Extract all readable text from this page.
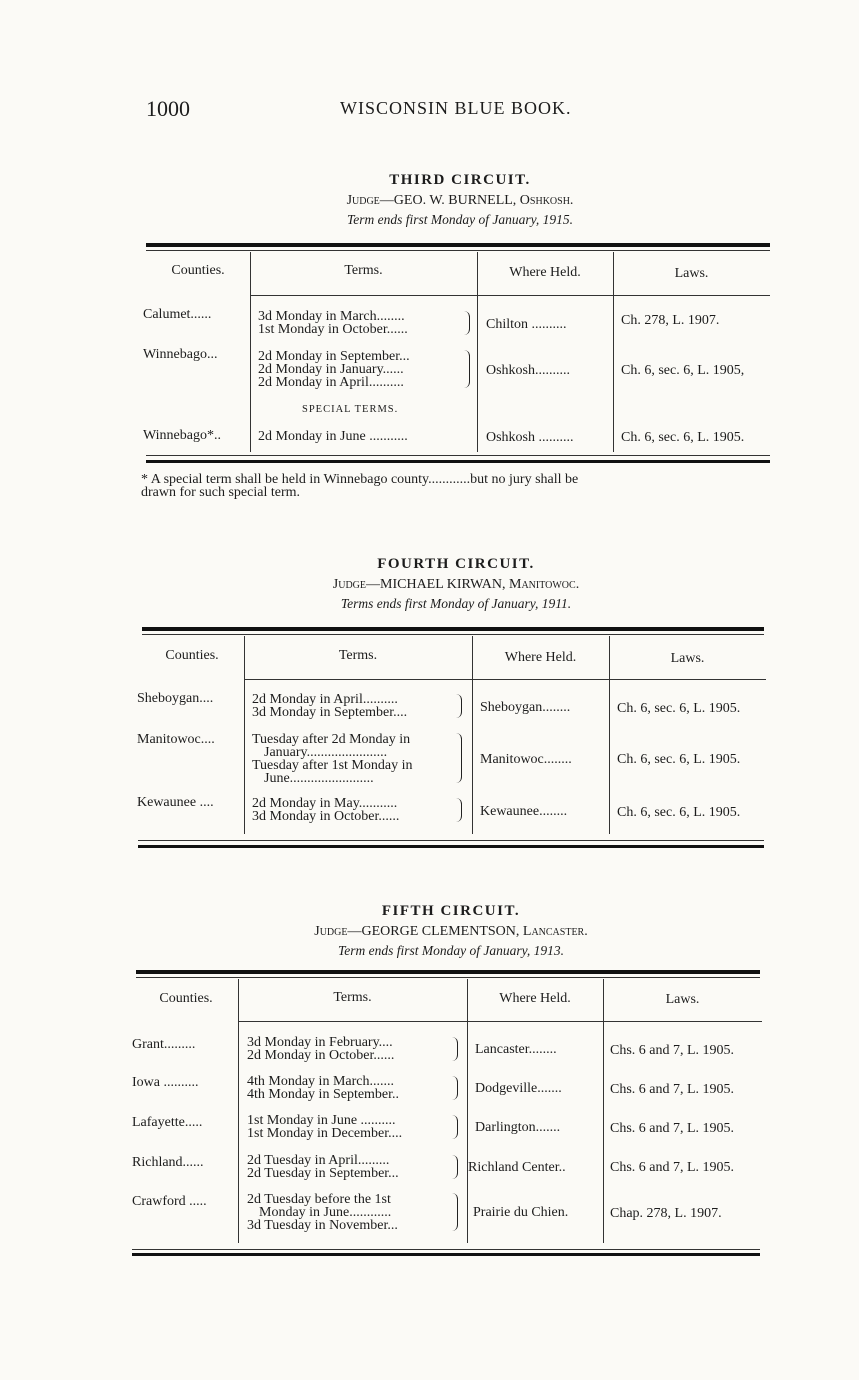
1000	WISCONSIN BLUE BOOK.
THIRD CIRCUIT.
Judge—GEO. W. BURNELL, Oshkosh.
Term ends first Monday of January, 1915.
Counties.	Terms.	Where Held.	Laws.
Calumet......	3d Monday in March........
1st Monday in October......	Chilton ..........	Ch. 278, L. 1907.
Winnebago...	2d Monday in September...
2d Monday in January......
2d Monday in April..........
Oshkosh..........	Ch. 6, sec. 6, L. 1905,
SPECIAL TERMS.
Winnebago*..	2d Monday in June ...........	Oshkosh ..........	Ch. 6, sec. 6, L. 1905.
* A special term shall be held in Winnebago county............but no jury shall be
drawn for such special term.
FOURTH CIRCUIT.
Judge—MICHAEL KIRWAN, Manitowoc.
Terms ends first Monday of January, 1911.
Counties.	Terms.	Where Held.	Laws.
Sheboygan....	2d Monday in April..........
3d Monday in September....	Sheboygan........	Ch. 6, sec. 6, L. 1905.
Manitowoc....	Tuesday after 2d Monday in
January.......................
Tuesday after 1st Monday in
June........................
Manitowoc........	Ch. 6, sec. 6, L. 1905.
Kewaunee ....	2d Monday in May...........
3d Monday in October......	Kewaunee........	Ch. 6, sec. 6, L. 1905.
FIFTH CIRCUIT.
Judge—GEORGE CLEMENTSON, Lancaster.
Term ends first Monday of January, 1913.
Counties.	Terms.	Where Held.	Laws.
Grant.........	3d Monday in February....
2d Monday in October......	Lancaster........	Chs. 6 and 7, L. 1905.
Iowa ..........	4th Monday in March.......
4th Monday in September..	Dodgeville.......	Chs. 6 and 7, L. 1905.
Lafayette.....	1st Monday in June ..........
1st Monday in December....	Darlington.......	Chs. 6 and 7, L. 1905.
Richland......	2d Tuesday in April.........
2d Tuesday in September...	Richland Center..	Chs. 6 and 7, L. 1905.
Crawford .....	2d Tuesday before the 1st
Monday in June............
3d Tuesday in November...
Prairie du Chien.	Chap. 278, L. 1907.
